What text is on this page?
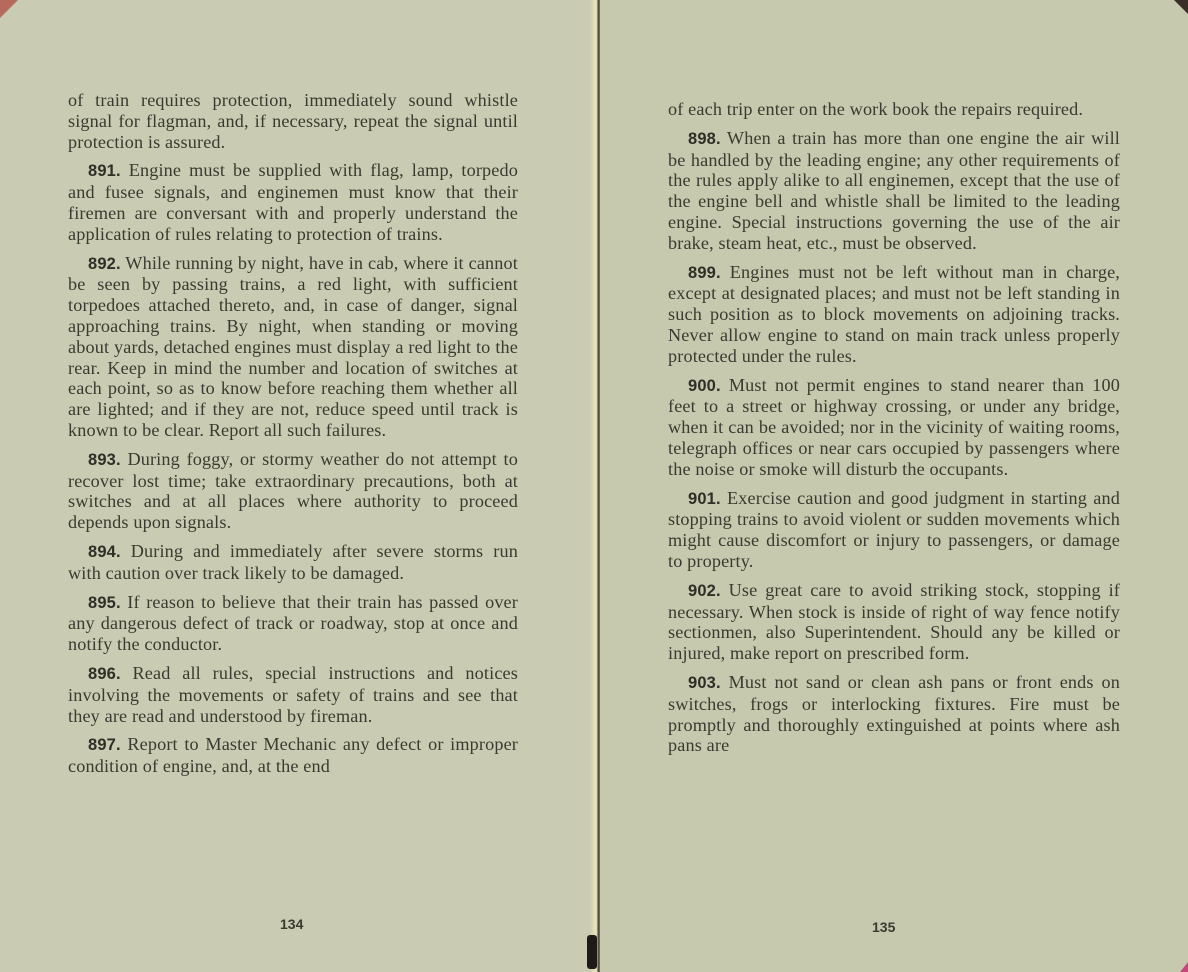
of train requires protection, immediately sound whistle signal for flagman, and, if necessary, repeat the signal until protection is assured.

891. Engine must be supplied with flag, lamp, torpedo and fusee signals, and enginemen must know that their firemen are conversant with and properly understand the application of rules relating to protection of trains.

892. While running by night, have in cab, where it cannot be seen by passing trains, a red light, with sufficient torpedoes attached thereto, and, in case of danger, signal approaching trains. By night, when standing or moving about yards, detached engines must display a red light to the rear. Keep in mind the number and location of switches at each point, so as to know before reaching them whether all are lighted; and if they are not, reduce speed until track is known to be clear. Report all such failures.

893. During foggy, or stormy weather do not attempt to recover lost time; take extraordinary precautions, both at switches and at all places where authority to proceed depends upon signals.

894. During and immediately after severe storms run with caution over track likely to be damaged.

895. If reason to believe that their train has passed over any dangerous defect of track or roadway, stop at once and notify the conductor.

896. Read all rules, special instructions and notices involving the movements or safety of trains and see that they are read and understood by fireman.

897. Report to Master Mechanic any defect or improper condition of engine, and, at the end

134

of each trip enter on the work book the repairs required.

898. When a train has more than one engine the air will be handled by the leading engine; any other requirements of the rules apply alike to all enginemen, except that the use of the engine bell and whistle shall be limited to the leading engine. Special instructions governing the use of the air brake, steam heat, etc., must be observed.

899. Engines must not be left without man in charge, except at designated places; and must not be left standing in such position as to block movements on adjoining tracks. Never allow engine to stand on main track unless properly protected under the rules.

900. Must not permit engines to stand nearer than 100 feet to a street or highway crossing, or under any bridge, when it can be avoided; nor in the vicinity of waiting rooms, telegraph offices or near cars occupied by passengers where the noise or smoke will disturb the occupants.

901. Exercise caution and good judgment in starting and stopping trains to avoid violent or sudden movements which might cause discomfort or injury to passengers, or damage to property.

902. Use great care to avoid striking stock, stopping if necessary. When stock is inside of right of way fence notify sectionmen, also Superintendent. Should any be killed or injured, make report on prescribed form.

903. Must not sand or clean ash pans or front ends on switches, frogs or interlocking fixtures. Fire must be promptly and thoroughly extinguished at points where ash pans are

135
